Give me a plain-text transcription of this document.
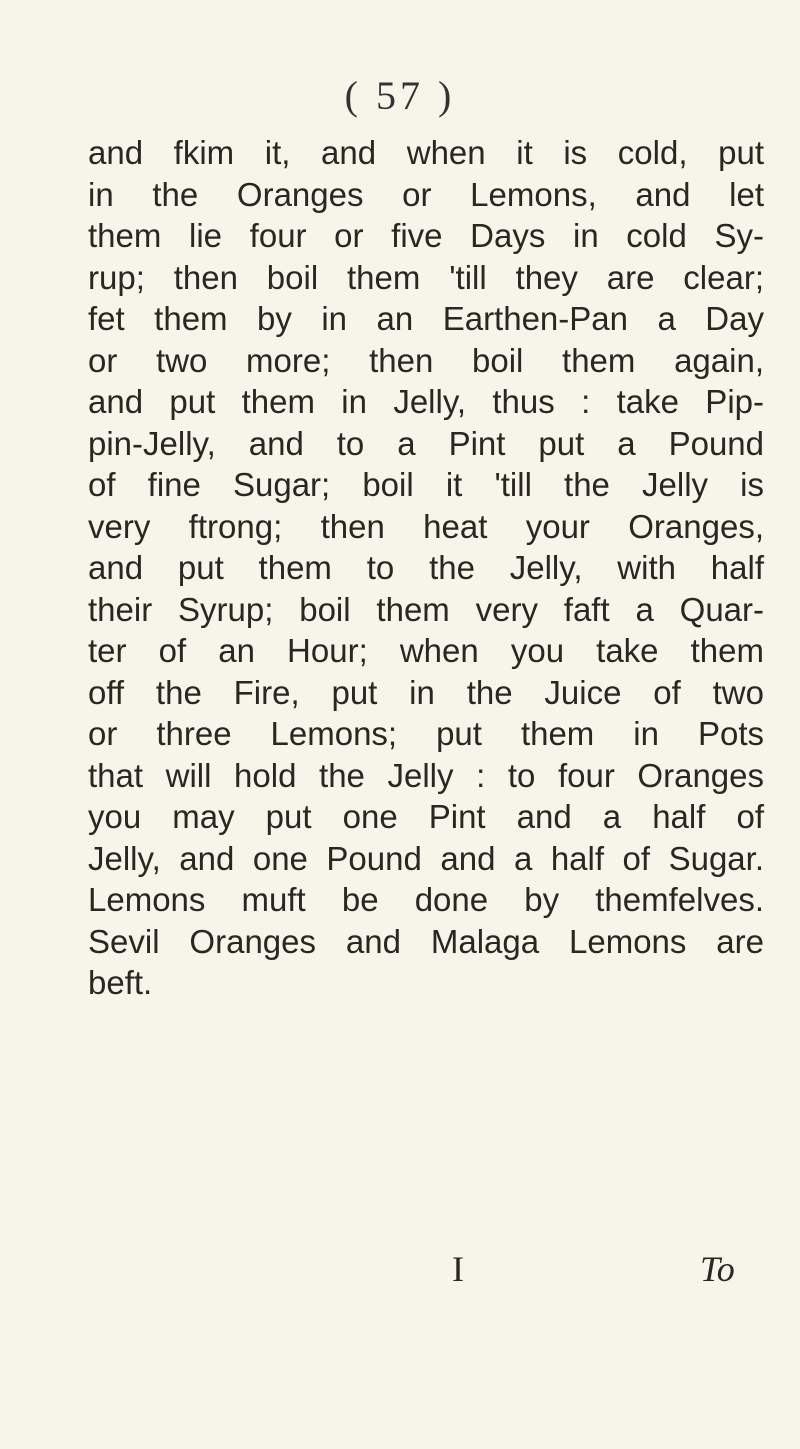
( 57 )
and fkim it, and when it is cold, put
in the Oranges or Lemons, and let
them lie four or five Days in cold Sy-
rup; then boil them 'till they are clear;
fet them by in an Earthen-Pan a Day
or two more; then boil them again,
and put them in Jelly, thus : take Pip-
pin-Jelly, and to a Pint put a Pound
of fine Sugar; boil it 'till the Jelly is
very ftrong; then heat your Oranges,
and put them to the Jelly, with half
their Syrup; boil them very faft a Quar-
ter of an Hour; when you take them
off the Fire, put in the Juice of two
or three Lemons; put them in Pots
that will hold the Jelly : to four Oranges
you may put one Pint and a half of
Jelly, and one Pound and a half of Sugar.
Lemons muft be done by themfelves.
Sevil Oranges and Malaga Lemons are
beft.
I	To
